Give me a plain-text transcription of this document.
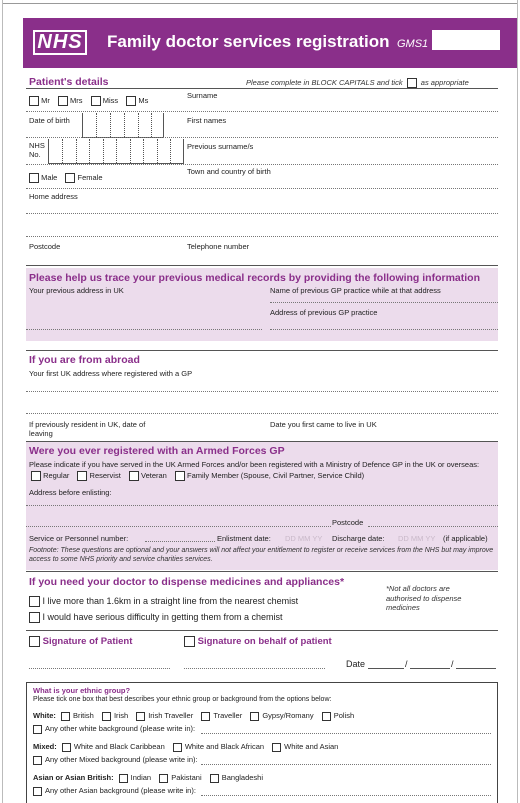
NHS Family doctor services registration GMS1
Patient's details	Please complete in BLOCK CAPITALS and tick as appropriate
Mr	Mrs	Miss	Ms
Surname
Date of birth	First names
NHS No.
Previous surname/s
Male	Female
Town and country of birth
Home address
Postcode	Telephone number
Please help us trace your previous medical records by providing the following information
Your previous address in UK	Name of previous GP practice while at that address
Address of previous GP practice
If you are from abroad
Your first UK address where registered with a GP
If previously resident in UK, date of leaving
Date you first came to live in UK
Were you ever registered with an Armed Forces GP
Please indicate if you have served in the UK Armed Forces and/or been registered with a Ministry of Defence GP in the UK or overseas:  Regular	Reservist	Veteran	Family Member (Spouse, Civil Partner, Service Child)
Address before enlisting:
Postcode
Service or Personnel number:	Enlistment date: DD MM YY Discharge date: DD MM YY (if applicable)
Footnote: These questions are optional and your answers will not affect your entitlement to register or receive services from the NHS but may improve access to some NHS priority and service charities services.
If you need your doctor to dispense medicines and appliances*
I live more than 1.6km in a straight line from the nearest chemist
I would have serious difficulty in getting them from a chemist
*Not all doctors are authorised to dispense medicines
Signature of Patient	Signature on behalf of patient
Date	/	/
What is your ethnic group?
Please tick one box that best describes your ethnic group or background from the options below:
White: British	Irish	Irish Traveller	Traveller	Gypsy/Romany	Polish
Any other white background (please write in):
Mixed: White and Black Caribbean	White and Black African	White and Asian
Any other Mixed background (please write in):
Asian or Asian British: Indian	Pakistani	Bangladeshi
Any other Asian background (please write in):
